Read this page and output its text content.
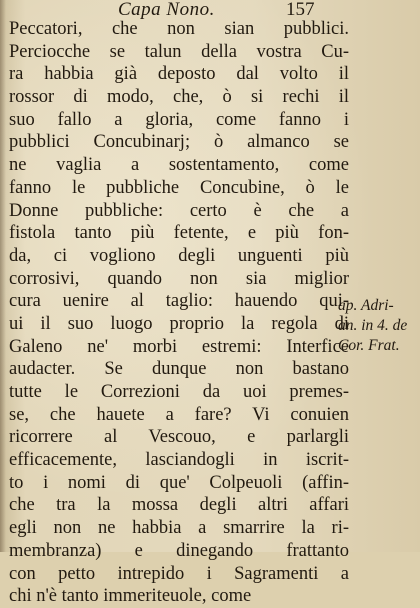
Capa Nono.	157
Peccatori, che non sian pubblici.
Perciocche se talun della vostra Cu-
ra habbia già deposto dal volto il
rossor di modo, che, ò si rechi il
suo fallo a gloria, come fanno i
pubblici Concubinarj; ò almanco se
ne vaglia a sostentamento, come
fanno le pubbliche Concubine, ò le
Donne pubbliche: certo è che a
fistola tanto più fetente, e più fon-
da, ci vogliono degli unguenti più
corrosivi, quando non sia miglior
cura uenire al taglio: hauendo qui-
ui il suo luogo proprio la regola di
Galeno ne' morbi estremi: Interfice
audacter. Se dunque non bastano
tutte le Correzioni da uoi premes-
se, che hauete a fare? Vi conuien
ricorrere al Vescouo, e parlargli
efficacemente, lasciandogli in iscrit-
to i nomi di que' Colpeuoli (affin-
che tra la mossa degli altri affari
egli non ne habbia a smarrire la ri-
membranza) e dinegando frattanto
con petto intrepido i Sagramenti a
chi n'è tanto immeriteuole, come
ap. Adri-
an. in 4. de
Cor. Frat.
